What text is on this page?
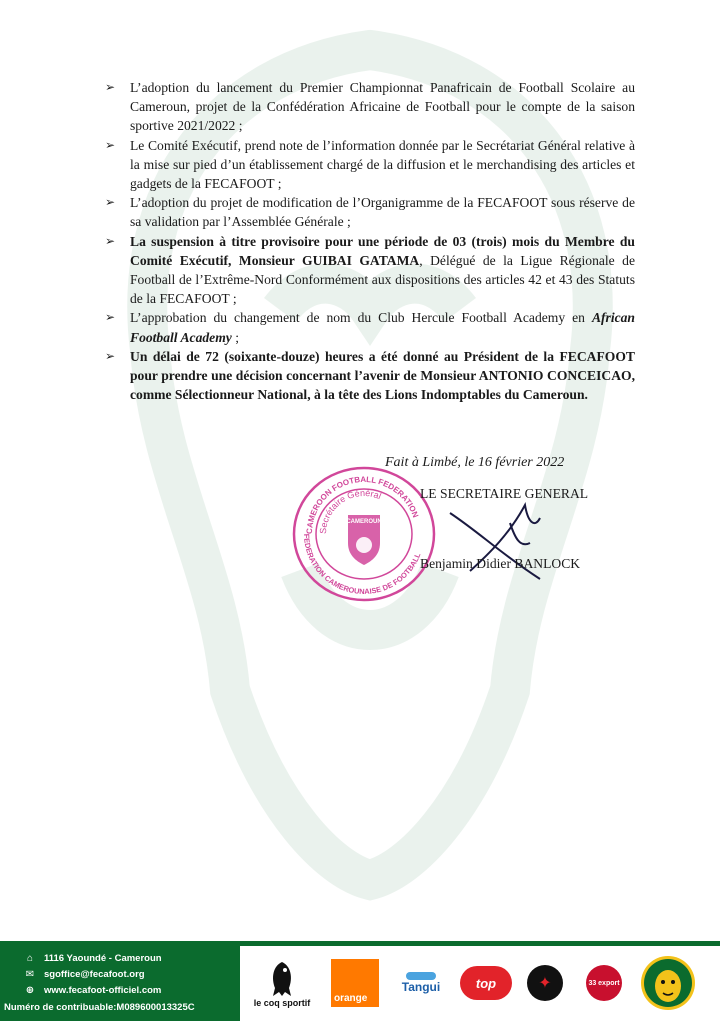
➢ L’adoption du lancement du Premier Championnat Panafricain de Football Scolaire au Cameroun, projet de la Confédération Africaine de Football pour le compte de la saison sportive 2021/2022 ;
➢ Le Comité Exécutif, prend note de l’information donnée par le Secrétariat Général relative à la mise sur pied d’un établissement chargé de la diffusion et le merchandising des articles et gadgets de la FECAFOOT ;
➢ L’adoption du projet de modification de l’Organigramme de la FECAFOOT sous réserve de sa validation par l’Assemblée Générale ;
➢ La suspension à titre provisoire pour une période de 03 (trois) mois du Membre du Comité Exécutif, Monsieur GUIBAI GATAMA, Délégué de la Ligue Régionale de Football de l’Extrême-Nord Conformément aux dispositions des articles 42 et 43 des Statuts de la FECAFOOT ;
➢ L’approbation du changement de nom du Club Hercule Football Academy en African Football Academy ;
➢ Un délai de 72 (soixante-douze) heures a été donné au Président de la FECAFOOT pour prendre une décision concernant l’avenir de Monsieur ANTONIO CONCEICAO, comme Sélectionneur National, à la tête des Lions Indomptables du Cameroun.
CAMEROON FOOTBALL FEDERATION
FEDERATION CAMEROUNAISE DE FOOTBALL
Secrétaire Général
CAMEROUN
Fait à Limbé, le 16 février 2022
LE SECRETAIRE GENERAL
Benjamin Didier BANLOCK
⌂	1116 Yaoundé - Cameroun
✉ sgoffice@fecafoot.org
⊕ www.fecafoot-officiel.com
Numéro de contribuable:M089600013325C	le coq sportif orange
Tangui	top	✦	33 export
